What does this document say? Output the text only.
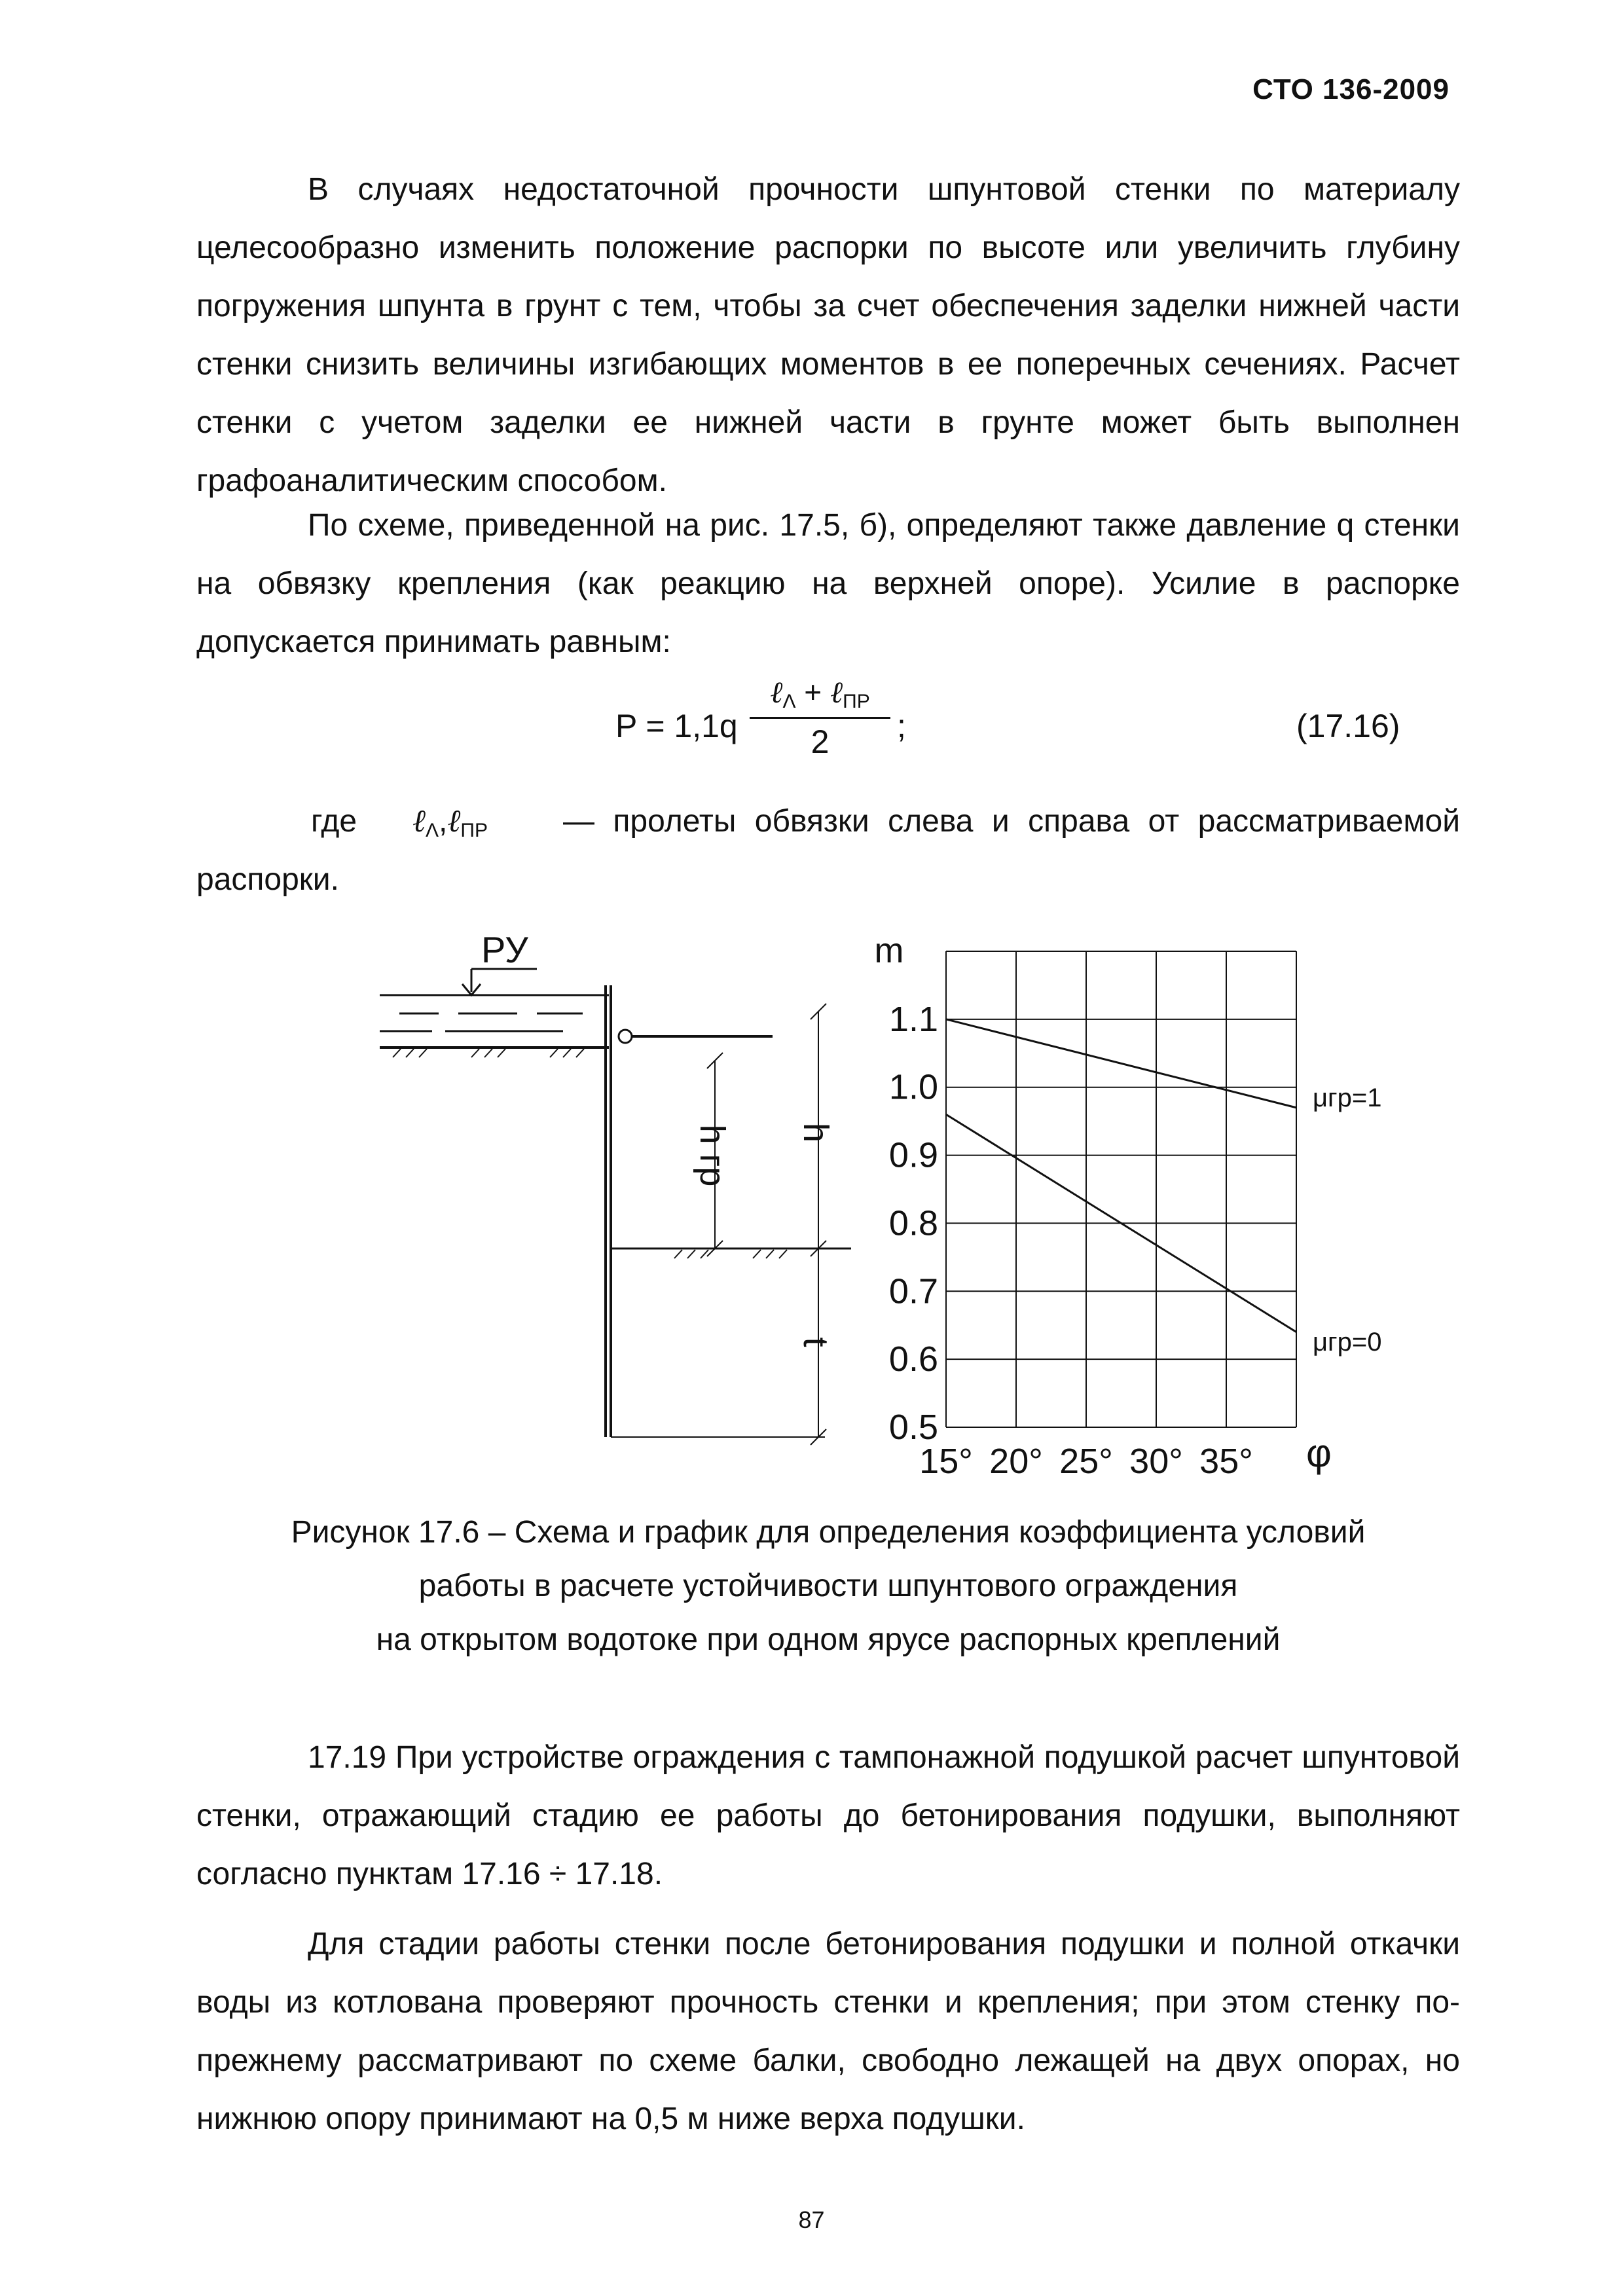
СТО 136-2009
В случаях недостаточной прочности шпунтовой стенки по материалу целесообразно изменить положение распорки по высоте или увеличить глубину погружения шпунта в грунт с тем, чтобы за счет обеспечения заделки нижней части стенки снизить величины изгибающих моментов в ее поперечных сечениях. Расчет стенки с учетом заделки ее нижней части в грунте может быть выполнен графоаналитическим способом.
По схеме, приведенной на рис. 17.5, б), определяют также давление q стенки на обвязку крепления (как реакцию на верхней опоре). Усилие в распорке допускается принимать равным:
P = 1,1q
ℓ$_\Lambda$ + ℓ$_{ПР}$
2	;	(17.16)
где ℓ$_\Lambda$,ℓ$_{ПР}$ — пролеты обвязки слева и справа от рассматриваемой
распорки.
РУ
h гр h
t
m
1.1
1.0
0.9
0.8
0.7
0.6
0.5
15° 20° 25° 30° 35° φ
μгр=1
μгр=0
Рисунок 17.6 – Схема и график для определения коэффициента условий
работы в расчете устойчивости шпунтового ограждения
на открытом водотоке при одном ярусе распорных креплений
17.19 При устройстве ограждения с тампонажной подушкой расчет шпунтовой стенки, отражающий стадию ее работы до бетонирования подушки, выполняют согласно пунктам 17.16 ÷ 17.18.
Для стадии работы стенки после бетонирования подушки и полной откачки воды из котлована проверяют прочность стенки и крепления; при этом стенку по-прежнему рассматривают по схеме балки, свободно лежащей на двух опорах, но нижнюю опору принимают на 0,5 м ниже верха подушки.
87
